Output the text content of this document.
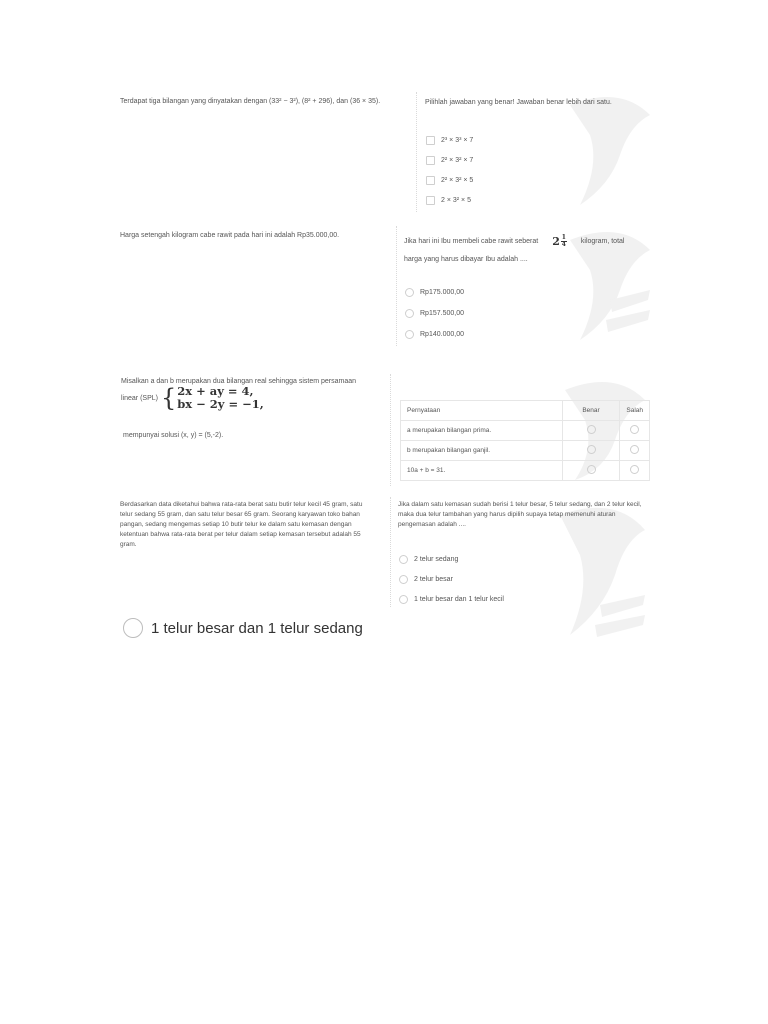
Terdapat tiga bilangan yang dinyatakan dengan (33² − 3²), (8² + 296), dan (36 × 35).	Pilihlah jawaban yang benar! Jawaban benar lebih dari satu.
2³ × 3³ × 7
2² × 3² × 7
2² × 3² × 5
2 × 3² × 5
Harga setengah kilogram cabe rawit pada hari ini adalah Rp35.000,00.
Jika hari ini Ibu membeli cabe rawit seberat $2 \frac{1}{4}$ kilogram, total
harga yang harus dibayar Ibu adalah ....
Rp175.000,00
Rp157.500,00
Rp140.000,00
Misalkan a dan b merupakan dua bilangan real sehingga sistem persamaan
linear (SPL) { 2x + ay = 4,
bx − 2y = −1,
mempunyai solusi (x, y) = (5,-2).
Pernyataan	Benar	Salah
a merupakan bilangan prima.		
b merupakan bilangan ganjil.		
10a + b = 31.		
Berdasarkan data diketahui bahwa rata-rata berat satu butir telur kecil 45 gram, satu telur sedang 55 gram, dan satu telur besar 65 gram. Seorang karyawan toko bahan pangan, sedang mengemas setiap 10 butir telur ke dalam satu kemasan dengan ketentuan bahwa rata-rata berat per telur dalam setiap kemasan tersebut adalah 55 gram.
Jika dalam satu kemasan sudah berisi 1 telur besar, 5 telur sedang, dan 2 telur kecil, maka dua telur tambahan yang harus dipilih supaya tetap memenuhi aturan pengemasan adalah ....
2 telur sedang
2 telur besar
1 telur besar dan 1 telur kecil
1 telur besar dan 1 telur sedang
